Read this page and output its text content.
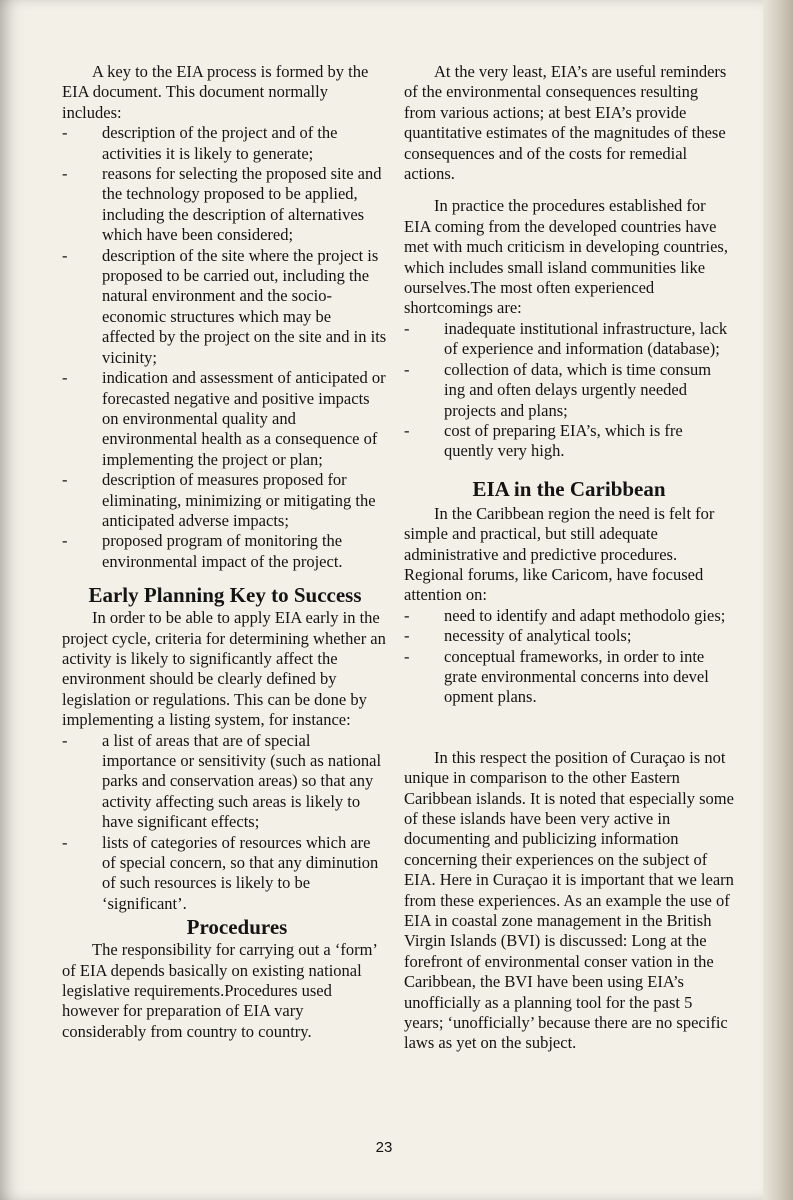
A key to the EIA process is formed by the EIA document. This document normally includes:

-	description of the project and of the activities it is likely to generate;
-	reasons for selecting the proposed site and the technology proposed to be applied, including the description of alternatives which have been considered;
-	description of the site where the project is proposed to be carried out, including the natural environment and the socio-economic structures which may be affected by the project on the site and in its vicinity;
-	indication and assessment of anticipated or forecasted negative and positive impacts on environmental quality and environmental health as a consequence of implementing the project or plan;
-	description of measures proposed for eliminating, minimizing or mitigating the anticipated adverse impacts;
-	proposed program of monitoring the environmental impact of the project.
Early Planning Key to Success

In order to be able to apply EIA early in the project cycle, criteria for determining whether an activity is likely to significantly affect the environment should be clearly defined by legislation or regulations. This can be done by implementing a listing system, for instance:

-	a list of areas that are of special importance or sensitivity (such as national parks and conservation areas) so that any activity affecting such areas is likely to have significant effects;
-	lists of categories of resources which are of special concern, so that any diminution of such resources is likely to be ‘significant’.
Procedures

The responsibility for carrying out a ‘form’ of EIA depends basically on existing national legislative requirements.Procedures used however for preparation of EIA vary considerably from country to country.

At the very least, EIA’s are useful reminders of the environmental consequences resulting from various actions; at best EIA’s provide quantitative estimates of the magnitudes of these consequences and of the costs for remedial actions.

In practice the procedures established for EIA coming from the developed countries have met with much criticism in developing countries, which includes small island communities like ourselves.The most often experienced shortcomings are:

-	inadequate institutional infrastructure, lack of experience and information (database);
-	collection of data, which is time consum ing and often delays urgently needed projects and plans;
-	cost of preparing EIA’s, which is fre quently very high.
EIA in the Caribbean

In the Caribbean region the need is felt for simple and practical, but still adequate administrative and predictive procedures. Regional forums, like Caricom, have focused attention on:

-	need to identify and adapt methodolo gies;
-	necessity of analytical tools;
-	conceptual frameworks, in order to inte grate environmental concerns into devel opment plans.

In this respect the position of Curaçao is not unique in comparison to the other Eastern Caribbean islands. It is noted that especially some of these islands have been very active in documenting and publicizing information concerning their experiences on the subject of EIA. Here in Curaçao it is important that we learn from these experiences. As an example the use of EIA in coastal zone management in the British Virgin Islands (BVI) is discussed: Long at the forefront of environmental conser vation in the Caribbean, the BVI have been using EIA’s unofficially as a planning tool for the past 5 years; ‘unofficially’ because there are no specific laws as yet on the subject.

23
